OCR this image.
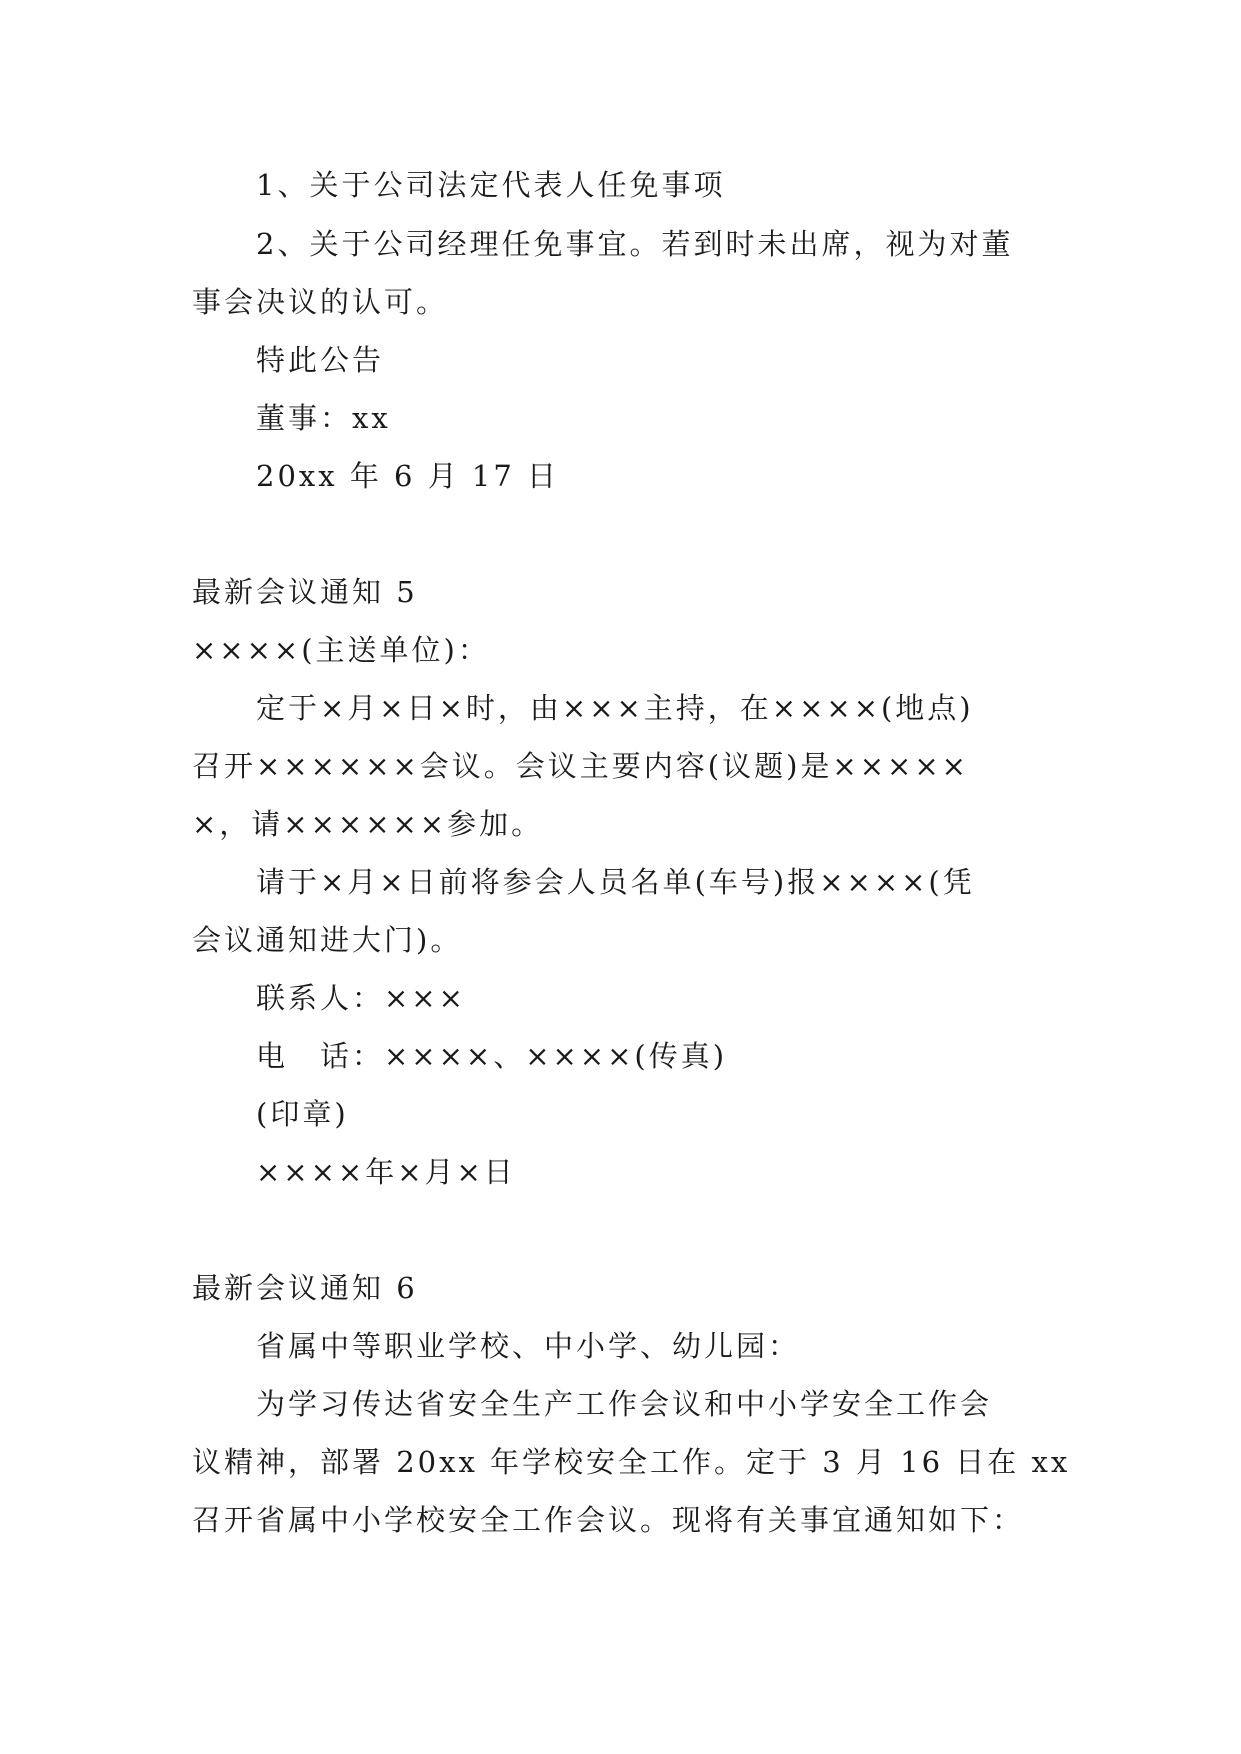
1、关于公司法定代表人任免事项
2、关于公司经理任免事宜。若到时未出席，视为对董
事会决议的认可。
特此公告
董事：xx
20xx 年 6 月 17 日
最新会议通知 5
××××(主送单位)：
定于×月×日×时，由×××主持，在××××(地点)
召开××××××会议。会议主要内容(议题)是×××××
×，请××××××参加。
请于×月×日前将参会人员名单(车号)报××××(凭
会议通知进大门)。
联系人：×××
电　话：××××、××××(传真)
(印章)
××××年×月×日
最新会议通知 6
省属中等职业学校、中小学、幼儿园：
为学习传达省安全生产工作会议和中小学安全工作会
议精神，部署 20xx 年学校安全工作。定于 3 月 16 日在 xx
召开省属中小学校安全工作会议。现将有关事宜通知如下：
